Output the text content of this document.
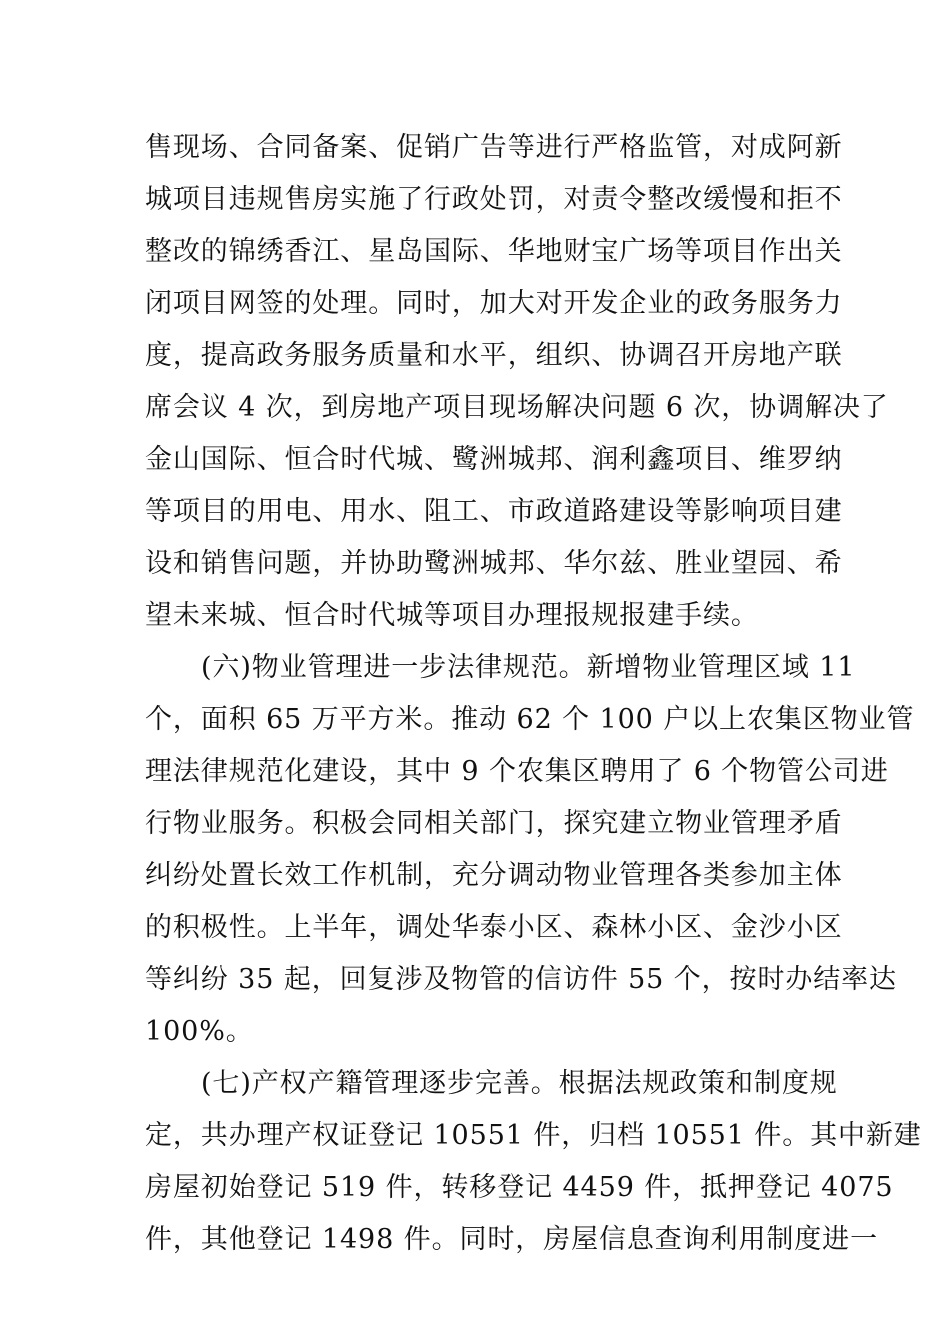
售现场、合同备案、促销广告等进行严格监管，对成阿新
城项目违规售房实施了行政处罚，对责令整改缓慢和拒不
整改的锦绣香江、星岛国际、华地财宝广场等项目作出关
闭项目网签的处理。同时，加大对开发企业的政务服务力
度，提高政务服务质量和水平，组织、协调召开房地产联
席会议 4 次，到房地产项目现场解决问题 6 次，协调解决了
金山国际、恒合时代城、鹭洲城邦、润利鑫项目、维罗纳
等项目的用电、用水、阻工、市政道路建设等影响项目建
设和销售问题，并协助鹭洲城邦、华尔兹、胜业望园、希
望未来城、恒合时代城等项目办理报规报建手续。
(六)物业管理进一步法律规范。新增物业管理区域 11
个，面积 65 万平方米。推动 62 个 100 户以上农集区物业管
理法律规范化建设，其中 9 个农集区聘用了 6 个物管公司进
行物业服务。积极会同相关部门，探究建立物业管理矛盾
纠纷处置长效工作机制，充分调动物业管理各类参加主体
的积极性。上半年，调处华泰小区、森林小区、金沙小区
等纠纷 35 起，回复涉及物管的信访件 55 个，按时办结率达
100%。
(七)产权产籍管理逐步完善。根据法规政策和制度规
定，共办理产权证登记 10551 件，归档 10551 件。其中新建
房屋初始登记 519 件，转移登记 4459 件，抵押登记 4075
件，其他登记 1498 件。同时，房屋信息查询利用制度进一
